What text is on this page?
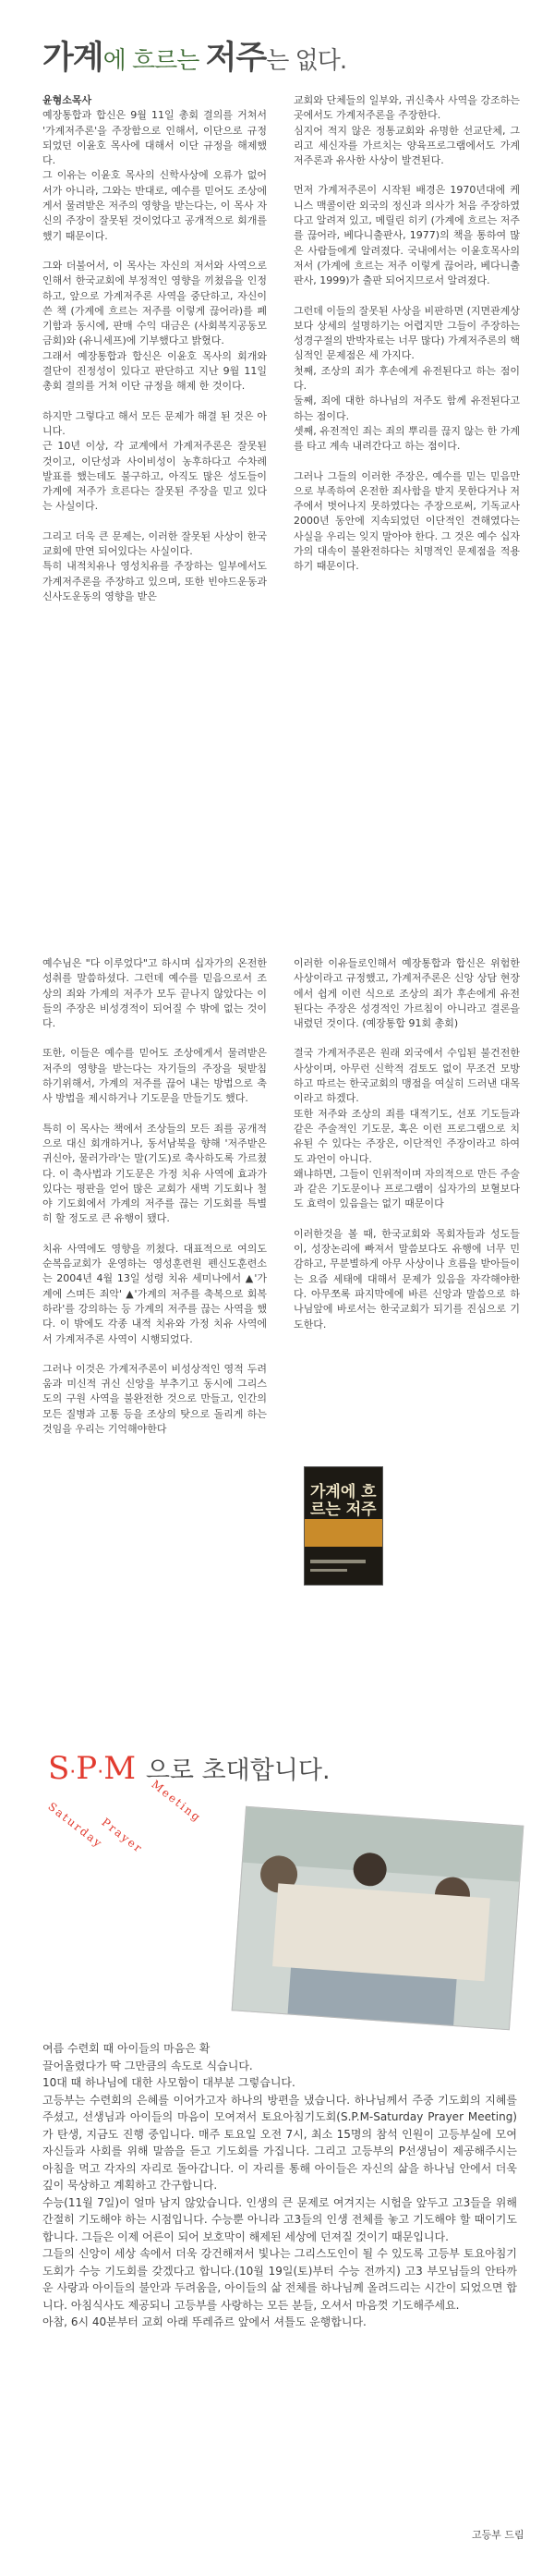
가계에 흐르는 저주는 없다.

윤형소목사

예장통합과 합신은 9월 11일 총회 결의를 거쳐서 '가계저주론'을 주장함으로 인해서, 이단으로 규정 되었던 이윤호 목사에 대해서 이단 규정을 해제했다.
그 이유는 이윤호 목사의 신학사상에 오류가 없어서가 아니라, 그와는 반대로, 예수를 믿어도 조상에게서 물려받은 저주의 영향을 받는다는, 이 목사 자신의 주장이 잘못된 것이었다고 공개적으로 회개를 했기 때문이다.

그와 더불어서, 이 목사는 자신의 저서와 사역으로 인해서 한국교회에 부정적인 영향을 끼쳤음을 인정하고, 앞으로 가계저주론 사역을 중단하고, 자신이 쓴 책 (가계에 흐르는 저주를 이렇게 끊어라)를 폐기함과 동시에, 판매 수익 대금은 (사회복지공동모금회)와 (유니세프)에 기부했다고 밝혔다.
그래서 예장통합과 합신은 이윤호 목사의 회개와 결단이 진정성이 있다고 판단하고 지난 9월 11일 총회 결의를 거쳐 이단 규정을 해제 한 것이다.

하지만 그렇다고 해서 모든 문제가 해결 된 것은 아니다.
근 10년 이상, 각 교계에서 가계저주론은 잘못된 것이고, 이단성과 사이비성이 농후하다고 수차례 발표를 했는데도 불구하고, 아직도 많은 성도들이 가계에 저주가 흐른다는 잘못된 주장을 믿고 있다는 사실이다.

그리고 더욱 큰 문제는, 이러한 잘못된 사상이 한국교회에 만연 되어있다는 사실이다.
특히 내적치유나 영성치유를 주장하는 일부에서도 가계저주론을 주장하고 있으며, 또한 빈야드운동과 신사도운동의 영향을 받은

교회와 단체들의 일부와, 귀신축사 사역을 강조하는 곳에서도 가계저주론을 주장한다.
심지어 적지 않은 정통교회와 유명한 선교단체, 그리고 세신자를 가르치는 양육프로그램에서도 가계저주론과 유사한 사상이 발견된다.

먼저 가계저주론이 시작된 배경은 1970년대에 케니스 맥콜이란 외국의 정신과 의사가 처음 주장하였다고 알려져 있고, 메릴린 히키 (가계에 흐르는 저주를 끊어라, 베다니출판사, 1977)의 책을 통하여 많은 사람들에게 알려졌다. 국내에서는 이윤호목사의 저서 (가계에 흐르는 저주 이렇게 끊어라, 베다니출판사, 1999)가 출판 되어지므로서 알려졌다.

그런데 이들의 잘못된 사상을 비판하면 (지면관계상 보다 상세의 설명하기는 어렵지만 그들이 주장하는 성경구절의 반박자료는 너무 많다) 가계저주론의 핵심적인 문제점은 세 가지다.
첫째, 조상의 죄가 후손에게 유전된다고 하는 점이다.
둘째, 죄에 대한 하나님의 저주도 함께 유전된다고 하는 점이다.
셋째, 유전적인 죄는 죄의 뿌리를 끊지 않는 한 가계를 타고 계속 내려간다고 하는 점이다.

그러나 그들의 이러한 주장은, 예수를 믿는 믿음만으로 부족하여 온전한 죄사함을 받지 못한다거나 저주에서 벗어나지 못하였다는 주장으로써, 기독교사 2000년 동안에 지속되었던 이단적인 견해였다는 사실을 우리는 잊지 말아야 한다. 그 것은 예수 십자가의 대속이 불완전하다는 치명적인 문제점을 적용하기 때문이다.

예수님은 "다 이루었다"고 하시며 십자가의 온전한 성취를 말씀하셨다. 그런데 예수를 믿음으로서 조상의 죄와 가계의 저주가 모두 끝나지 않았다는 이들의 주장은 비성경적이 되어질 수 밖에 없는 것이다.

또한, 이들은 예수를 믿어도 조상에게서 물려받은 저주의 영향을 받는다는 자기들의 주장을 뒷받침 하기위해서, 가계의 저주를 끊어 내는 방법으로 축사 방법을 제시하거나 기도문을 만들기도 했다.

특히 이 목사는 책에서 조상들의 모든 죄를 공개적으로 대신 회개하거나, 동서남북을 향해 '저주받은 귀신아, 물러가라'는 말(기도)로 축사하도록 가르쳤다. 이 축사법과 기도문은 가정 치유 사역에 효과가 있다는 평판을 얻어 많은 교회가 새벽 기도회나 철야 기도회에서 가계의 저주를 끊는 기도회를 특별히 할 정도로 큰 유행이 됐다.

치유 사역에도 영향을 끼쳤다. 대표적으로 여의도순복음교회가 운영하는 영성훈련원 펜신도훈련소는 2004년 4월 13일 성령 치유 세미나에서 ▲'가계에 스며든 죄악' ▲'가계의 저주를 축복으로 회복하라'를 강의하는 등 가계의 저주를 끊는 사역을 했다. 이 밖에도 각종 내적 치유와 가정 치유 사역에서 가계저주론 사역이 시행되었다.

그러나 이것은 가계저주론이 비성상적인 영적 두려움과 미신적 귀신 신앙을 부추기고 동시에 그리스도의 구원 사역을 불완전한 것으로 만들고, 인간의 모든 질병과 고통 등을 조상의 탓으로 돌리게 하는것임을 우리는 기억해야한다

이러한 이유들로인해서 예장통합과 합신은 위험한 사상이라고 규정했고, 가계저주론은 신앙 상담 현장에서 쉽게 이런 식으로 조상의 죄가 후손에게 유전된다는 주장은 성경적인 가르침이 아니라고 결론을 내렸던 것이다. (예장통합 91회 총회)

결국 가계저주론은 원래 외국에서 수입된 불건전한 사상이며, 아무런 신학적 검토도 없이 무조건 모방하고 따르는 한국교회의 맹점을 여실히 드러낸 대목이라고 하겠다.
또한 저주와 조상의 죄를 대적기도, 선포 기도들과 같은 주술적인 기도문, 혹은 이런 프로그램으로 치유된 수 있다는 주장은, 이단적인 주장이라고 하여도 과언이 아니다.
왜냐하면, 그들이 인위적이며 자의적으로 만든 주술과 같은 기도문이나 프로그램이 십자가의 보혈보다도 효력이 있음을는 없기 때문이다

이러한것을 볼 때, 한국교회와 목회자들과 성도들이, 성장논리에 빠져서 말씀보다도 유행에 너무 민감하고, 무분별하게 아무 사상이나 흐름을 받아들이는 요즘 세태에 대해서 문제가 있음을 자각해야한다. 아무쪼록 파지막에에 바른 신앙과 말씀으로 하나님앞에 바로서는 한국교회가 되기를 진심으로 기도한다.

가계에 흐르는 저주
S·P·M 으로 초대합니다.
Saturday
Prayer
Meeting

여름 수련회 때 아이들의 마음은 확

끌어올렸다가 딱 그만큼의 속도로 식습니다.

10대 때 하나님에 대한 사모함이 대부분 그렇습니다.

고등부는 수련회의 은혜를 이어가고자 하나의 방편을 냈습니다. 하나님께서 주중 기도회의 지혜를 주셨고, 선생님과 아이들의 마음이 모여져서 토요아침기도회(S.P.M-Saturday Prayer Meeting)가 탄생, 지금도 진행 중입니다. 매주 토요일 오전 7시, 최소 15명의 참석 인원이 고등부실에 모여 자신들과 사회를 위해 말씀을 듣고 기도회를 가집니다. 그리고 고등부의 P선생님이 제공해주시는 아침을 먹고 각자의 자리로 돌아갑니다. 이 자리를 통해 아이들은 자신의 삶을 하나님 안에서 더욱 깊이 묵상하고 계획하고 간구합니다.

수능(11월 7일)이 얼마 남지 않았습니다. 인생의 큰 문제로 여겨지는 시험을 앞두고 고3들을 위해 간절히 기도해야 하는 시점입니다. 수능뿐 아니라 고3들의 인생 전체를 놓고 기도해야 할 때이기도 합니다. 그들은 이제 어른이 되어 보호막이 해제된 세상에 던져질 것이기 때문입니다.

그들의 신앙이 세상 속에서 더욱 강건해져서 빛나는 그리스도인이 될 수 있도록 고등부 토요아침기도회가 수능 기도회를 갖겠다고 합니다.(10월 19일(토)부터 수능 전까지) 고3 부모님들의 안타까운 사랑과 아이들의 불안과 두려움을, 아이들의 삶 전체를 하나님께 올려드리는 시간이 되었으면 합니다. 아침식사도 제공되니 고등부를 사랑하는 모든 분들, 오셔서 마음껏 기도해주세요.

아참, 6시 40분부터 교회 아래 뚜레쥬르 앞에서 셔틀도 운행합니다.

고등부 드림
